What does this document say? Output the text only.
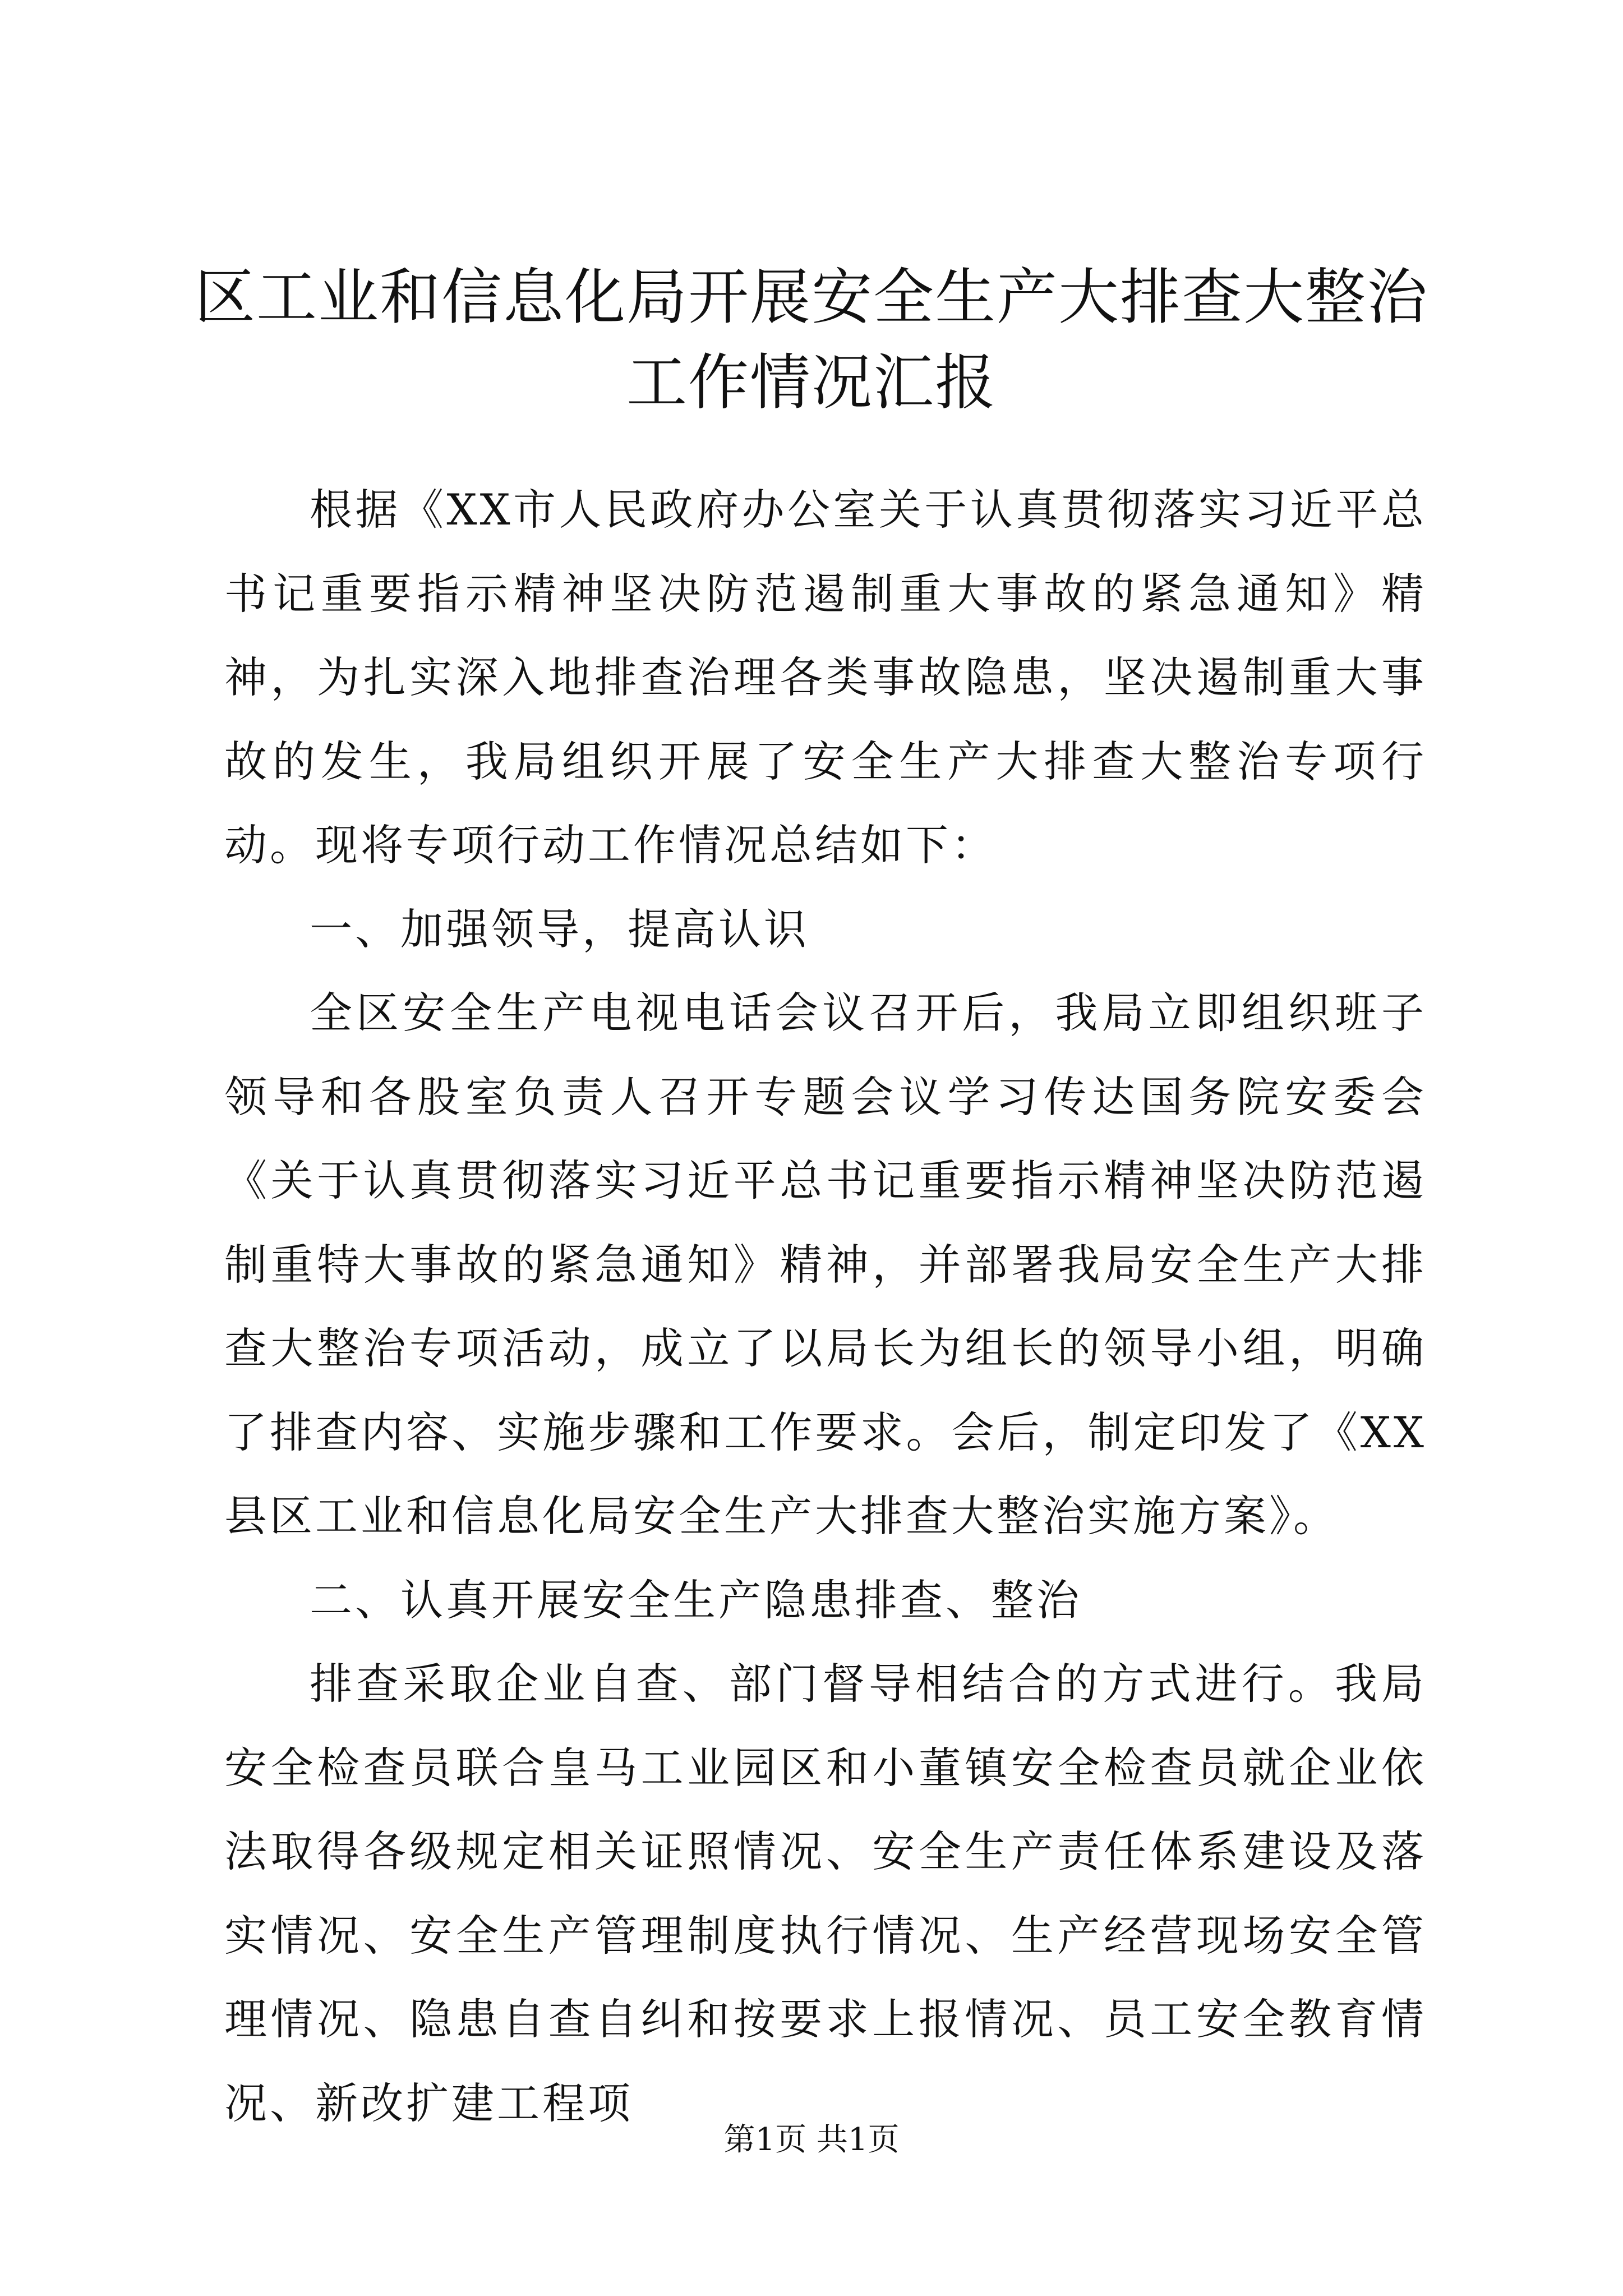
区工业和信息化局开展安全生产大排查大整治
工作情况汇报

根据《XX市人民政府办公室关于认真贯彻落实习近平总书记重要指示精神坚决防范遏制重大事故的紧急通知》精神，为扎实深入地排查治理各类事故隐患，坚决遏制重大事故的发生，我局组织开展了安全生产大排查大整治专项行动。现将专项行动工作情况总结如下：

一、加强领导，提高认识

全区安全生产电视电话会议召开后，我局立即组织班子领导和各股室负责人召开专题会议学习传达国务院安委会《关于认真贯彻落实习近平总书记重要指示精神坚决防范遏制重特大事故的紧急通知》精神，并部署我局安全生产大排查大整治专项活动，成立了以局长为组长的领导小组，明确了排查内容、实施步骤和工作要求。会后，制定印发了《XX县区工业和信息化局安全生产大排查大整治实施方案》。

二、认真开展安全生产隐患排查、整治

排查采取企业自查、部门督导相结合的方式进行。我局安全检查员联合皇马工业园区和小董镇安全检查员就企业依法取得各级规定相关证照情况、安全生产责任体系建设及落实情况、安全生产管理制度执行情况、生产经营现场安全管理情况、隐患自查自纠和按要求上报情况、员工安全教育情况、新改扩建工程项

第1页 共1页
